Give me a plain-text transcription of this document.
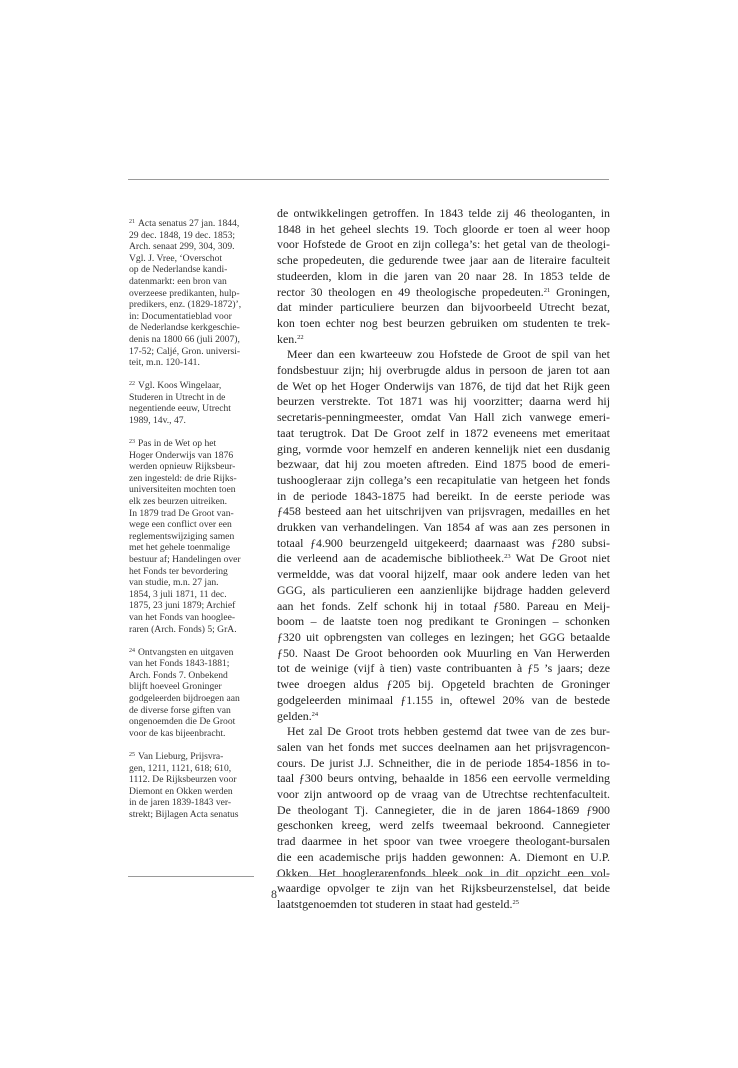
$^{21}$ Acta senatus 27 jan. 1844,
29 dec. 1848, 19 dec. 1853;
Arch. senaat 299, 304, 309.
Vgl. J. Vree, ‘Overschot
op de Nederlandse kandi-
datenmarkt: een bron van
overzeese predikanten, hulp-
predikers, enz. (1829-1872)’,
in: Documentatieblad voor
de Nederlandse kerkgeschie-
denis na 1800 66 (juli 2007),
17-52; Caljé, Gron. universi-
teit, m.n. 120-141.
$^{22}$ Vgl. Koos Wingelaar,
Studeren in Utrecht in de
negentiende eeuw, Utrecht
1989, 14v., 47.
$^{23}$ Pas in de Wet op het
Hoger Onderwijs van 1876
werden opnieuw Rijksbeur-
zen ingesteld: de drie Rijks-
universiteiten mochten toen
elk zes beurzen uitreiken.
In 1879 trad De Groot van-
wege een conflict over een
reglementswijziging samen
met het gehele toenmalige
bestuur af; Handelingen over
het Fonds ter bevordering
van studie, m.n. 27 jan.
1854, 3 juli 1871, 11 dec.
1875, 23 juni 1879; Archief
van het Fonds van hooglee-
raren (Arch. Fonds) 5; GrA.
$^{24}$ Ontvangsten en uitgaven
van het Fonds 1843-1881;
Arch. Fonds 7. Onbekend
blijft hoeveel Groninger
godgeleerden bijdroegen aan
de diverse forse giften van
ongenoemden die De Groot
voor de kas bijeenbracht.
$^{25}$ Van Lieburg, Prijsvra-
gen, 1211, 1121, 618; 610,
1112. De Rijksbeurzen voor
Diemont en Okken werden
in de jaren 1839-1843 ver-
strekt; Bijlagen Acta senatus
de ontwikkelingen getroffen. In 1843 telde zij 46 theologanten, in
1848 in het geheel slechts 19. Toch gloorde er toen al weer hoop
voor Hofstede de Groot en zijn collega’s: het getal van de theologi-
sche propedeuten, die gedurende twee jaar aan de literaire faculteit
studeerden, klom in die jaren van 20 naar 28. In 1853 telde de
rector 30 theologen en 49 theologische propedeuten.$^{21}$ Groningen,
dat minder particuliere beurzen dan bijvoorbeeld Utrecht bezat,
kon toen echter nog best beurzen gebruiken om studenten te trek-
ken.$^{22}$
Meer dan een kwarteeuw zou Hofstede de Groot de spil van het
fondsbestuur zijn; hij overbrugde aldus in persoon de jaren tot aan
de Wet op het Hoger Onderwijs van 1876, de tijd dat het Rijk geen
beurzen verstrekte. Tot 1871 was hij voorzitter; daarna werd hij
secretaris-penningmeester, omdat Van Hall zich vanwege emeri-
taat terugtrok. Dat De Groot zelf in 1872 eveneens met emeritaat
ging, vormde voor hemzelf en anderen kennelijk niet een dusdanig
bezwaar, dat hij zou moeten aftreden. Eind 1875 bood de emeri-
tushoogleraar zijn collega’s een recapitulatie van hetgeen het fonds
in de periode 1843-1875 had bereikt. In de eerste periode was
ƒ458 besteed aan het uitschrijven van prijsvragen, medailles en het
drukken van verhandelingen. Van 1854 af was aan zes personen in
totaal ƒ4.900 beurzengeld uitgekeerd; daarnaast was ƒ280 subsi-
die verleend aan de academische bibliotheek.$^{23}$ Wat De Groot niet
vermeldde, was dat vooral hijzelf, maar ook andere leden van het
GGG, als particulieren een aanzienlijke bijdrage hadden geleverd
aan het fonds. Zelf schonk hij in totaal ƒ580. Pareau en Meij-
boom – de laatste toen nog predikant te Groningen – schonken
ƒ320 uit opbrengsten van colleges en lezingen; het GGG betaalde
ƒ50. Naast De Groot behoorden ook Muurling en Van Herwerden
tot de weinige (vijf à tien) vaste contribuanten à ƒ5 ’s jaars; deze
twee droegen aldus ƒ205 bij. Opgeteld brachten de Groninger
godgeleerden minimaal ƒ1.155 in, oftewel 20% van de bestede
gelden.$^{24}$
Het zal De Groot trots hebben gestemd dat twee van de zes bur-
salen van het fonds met succes deelnamen aan het prijsvragencon-
cours. De jurist J.J. Schneither, die in de periode 1854-1856 in to-
taal ƒ300 beurs ontving, behaalde in 1856 een eervolle vermelding
voor zijn antwoord op de vraag van de Utrechtse rechtenfaculteit.
De theologant Tj. Cannegieter, die in de jaren 1864-1869 ƒ900
geschonken kreeg, werd zelfs tweemaal bekroond. Cannegieter
trad daarmee in het spoor van twee vroegere theologant-bursalen
die een academische prijs hadden gewonnen: A. Diemont en U.P.
Okken. Het hooglerarenfonds bleek ook in dit opzicht een vol-
waardige opvolger te zijn van het Rijksbeurzenstelsel, dat beide
laatstgenoemden tot studeren in staat had gesteld.$^{25}$
8
